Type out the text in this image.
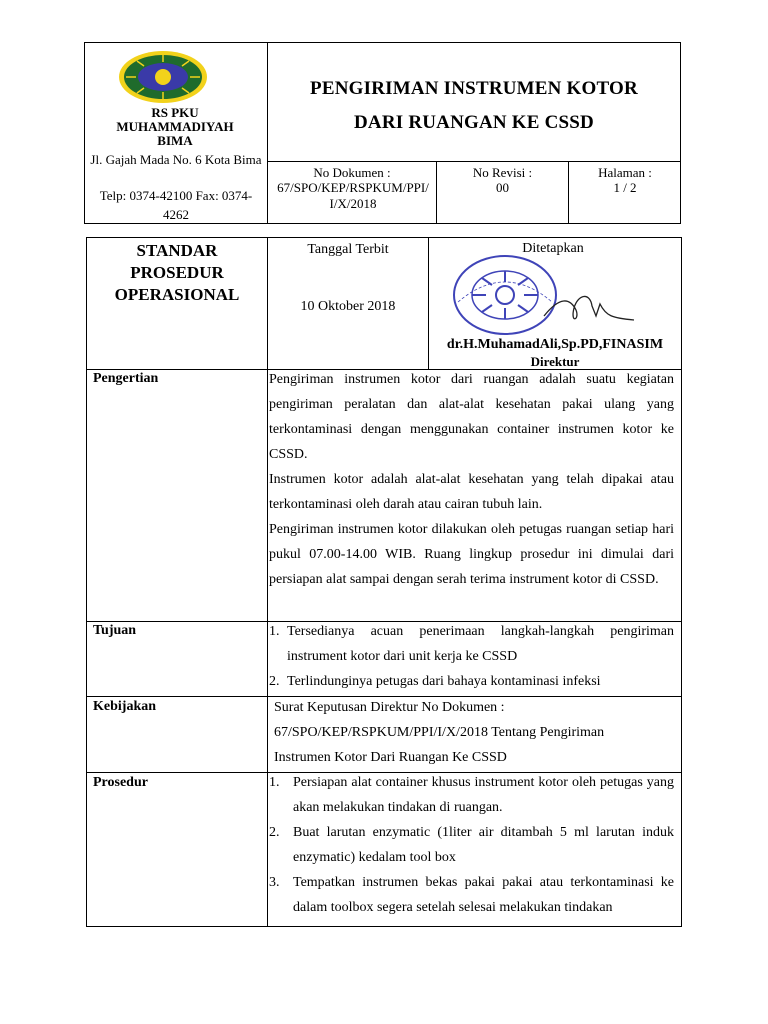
RS PKU MUHAMMADIYAH BIMA
Jl. Gajah Mada No. 6 Kota Bima
Telp: 0374-42100 Fax: 0374-4262
PENGIRIMAN INSTRUMEN KOTOR
DARI RUANGAN KE CSSD
No Dokumen :
67/SPO/KEP/RSPKUM/PPI/I/X/2018
No Revisi :
00
Halaman :
1 / 2
STANDAR PROSEDUR OPERASIONAL
Tanggal Terbit
10 Oktober 2018
Ditetapkan
dr.H.MuhamadAli,Sp.PD,FINASIM
Direktur
Pengertian	Pengiriman instrumen kotor dari ruangan adalah suatu kegiatan pengiriman peralatan dan alat-alat kesehatan pakai ulang yang terkontaminasi dengan menggunakan container instrumen kotor ke CSSD.
Instrumen kotor adalah alat-alat kesehatan yang telah dipakai atau terkontaminasi oleh darah atau cairan tubuh lain.
Pengiriman instrumen kotor dilakukan oleh petugas ruangan setiap hari pukul 07.00-14.00 WIB. Ruang lingkup prosedur ini dimulai dari persiapan alat sampai dengan serah terima instrument kotor di CSSD.
Tujuan	1. Tersedianya acuan penerimaan langkah-langkah pengiriman instrument kotor dari unit kerja ke CSSD
2. Terlindunginya petugas dari bahaya kontaminasi infeksi
Kebijakan	Surat Keputusan Direktur No Dokumen : 67/SPO/KEP/RSPKUM/PPI/I/X/2018 Tentang Pengiriman Instrumen Kotor Dari Ruangan Ke CSSD
Prosedur	1. Persiapan alat container khusus instrument kotor oleh petugas yang akan melakukan tindakan di ruangan.
2. Buat larutan enzymatic (1liter air ditambah 5 ml larutan induk enzymatic) kedalam tool box
3. Tempatkan instrumen bekas pakai pakai atau terkontaminasi ke dalam toolbox segera setelah selesai melakukan tindakan
